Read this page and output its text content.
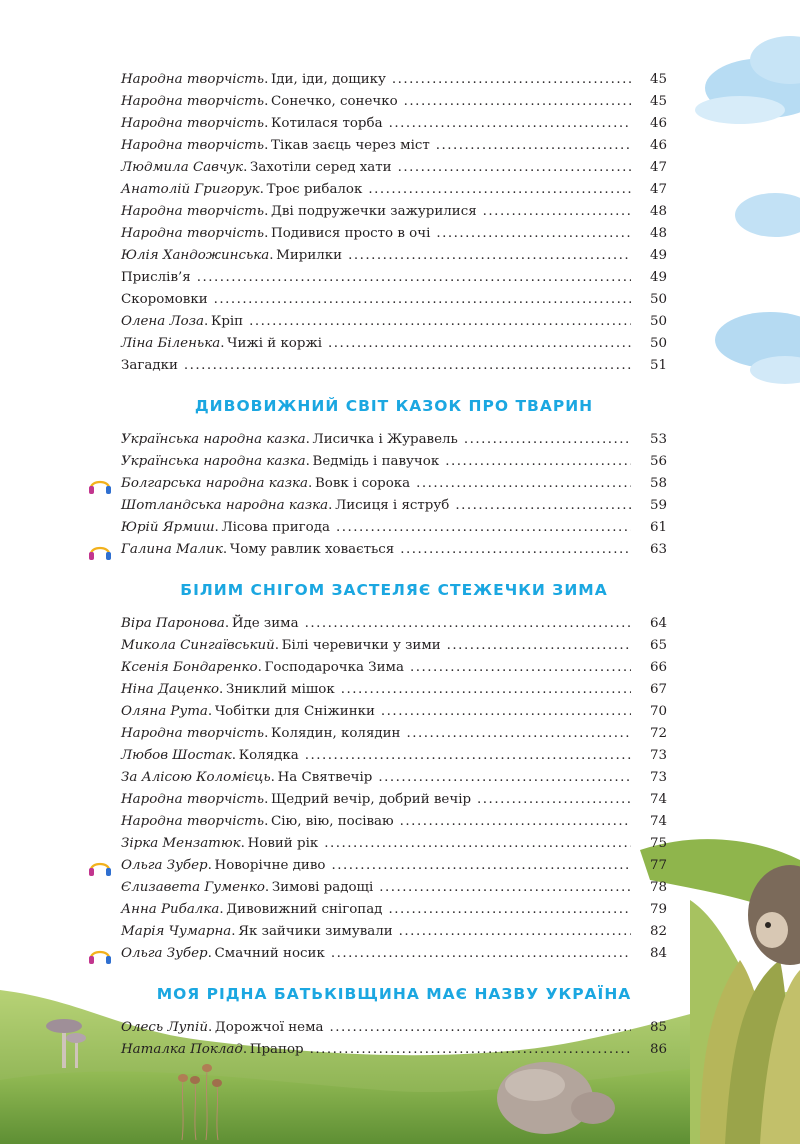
Народна творчість .  Іди, іди, дощику .....	45
Народна творчість .  Сонечко, сонечко .....	45
Народна творчість .  Котилася торба .....	46
Народна творчість .  Тікав заєць через міст .....	46
Людмила Савчук .  Захотіли серед хати .....	47
Анатолій Григорук .  Троє рибалок .....	47
Народна творчість .  Дві подружечки зажурилися .....	48
Народна творчість .  Подивися просто в очі .....	48
Юлія Хандожинська .  Мирилки .....	49
Прислів’я .....	49
Скоромовки .....	50
Олена Лоза .  Кріп .....	50
Ліна Біленька .  Чижі й коржі .....	50
Загадки .....	51
ДИВОВИЖНИЙ СВІТ КАЗОК ПРО ТВАРИН
Українська народна казка .  Лисичка і Журавель .....	53
Українська народна казка .  Ведмідь і павучок .....	56
Болгарська народна казка .  Вовк і сорока .....	58
Шотландська народна казка .  Лисиця і яструб .....	59
Юрій Ярмиш .  Лісова пригода .....	61
Галина Малик .  Чому равлик ховається .....	63
БІЛИМ СНІГОМ ЗАСТЕЛЯЄ СТЕЖЕЧКИ ЗИМА
Віра Паронова .  Йде зима .....	64
Микола Сингаївський .  Білі черевички у зими .....	65
Ксенія Бондаренко .  Господарочка Зима .....	66
Ніна Даценко .  Зниклий мішок .....	67
Оляна Рута .  Чобітки для Сніжинки .....	70
Народна творчість .  Колядин, колядин .....	72
Любов Шостак .  Колядка .....	73
За Алісою Коломієць .  На Святвечір .....	73
Народна творчість .  Щедрий вечір, добрий вечір .....	74
Народна творчість .  Сію, вію, посіваю .....	74
Зірка Мензатюк .  Новий рік .....	75
Ольга Зубер .  Новорічне диво .....	77
Єлизавета Гуменко .  Зимові радощі .....	78
Анна Рибалка .  Дивовижний снігопад .....	79
Марія Чумарна .  Як зайчики зимували .....	82
Ольга Зубер .  Смачний носик .....	84
МОЯ РІДНА БАТЬКІВЩИНА МАЄ НАЗВУ УКРАЇНА
Олесь Лупій .  Дорожчої нема .....	85
Наталка Поклад .  Прапор .....	86
